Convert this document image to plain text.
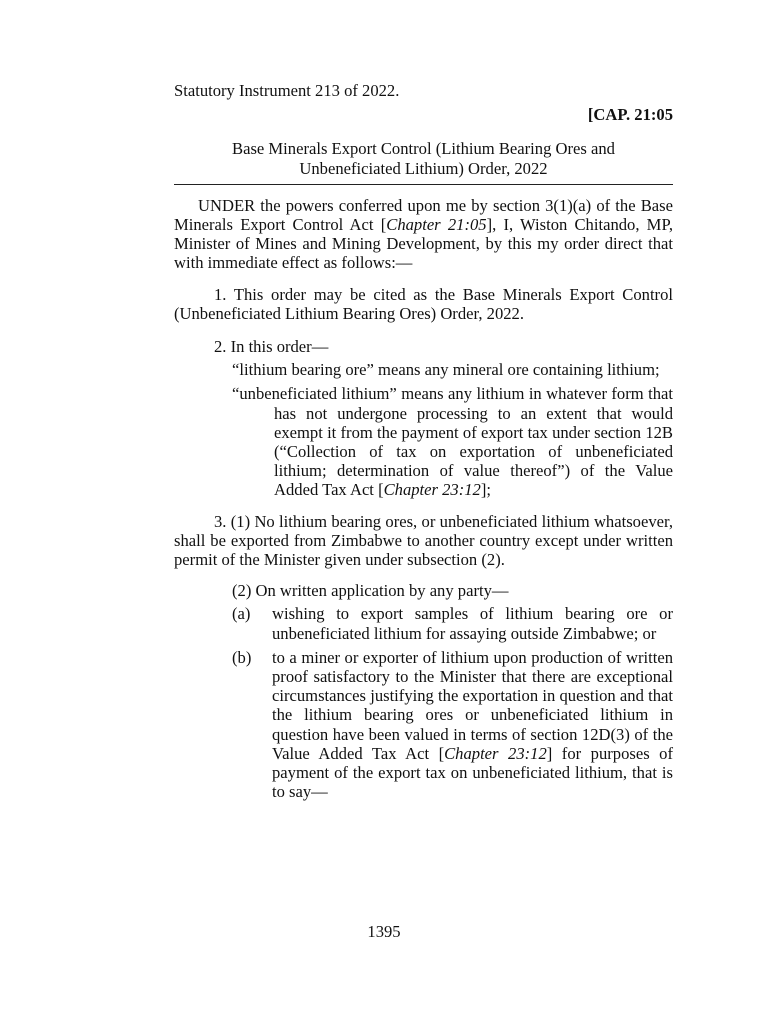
Statutory Instrument 213 of 2022.
[CAP. 21:05
Base Minerals Export Control (Lithium Bearing Ores and
Unbeneficiated Lithium) Order, 2022

UNDER the powers conferred upon me by section 3(1)(a) of the Base Minerals Export Control Act [Chapter 21:05], I, Wiston Chitando, MP, Minister of Mines and Mining Development, by this my order direct that with immediate effect as follows:—

1. This order may be cited as the Base Minerals Export Control (Unbeneficiated Lithium Bearing Ores) Order, 2022.

2. In this order—
“lithium bearing ore” means any mineral ore containing lithium;
“unbeneficiated lithium” means any lithium in whatever form that has not undergone processing to an extent that would exempt it from the payment of export tax under section 12B (“Collection of tax on exportation of unbeneficiated lithium; determination of value thereof”) of the Value Added Tax Act [Chapter 23:12];

3. (1) No lithium bearing ores, or unbeneficiated lithium whatsoever, shall be exported from Zimbabwe to another country except under written permit of the Minister given under subsection (2).

(2) On written application by any party—
(a)	wishing to export samples of lithium bearing ore or unbeneficiated lithium for assaying outside Zimbabwe; or
(b)	to a miner or exporter of lithium upon production of written proof satisfactory to the Minister that there are exceptional circumstances justifying the exportation in question and that the lithium bearing ores or unbeneficiated lithium in question have been valued in terms of section 12D(3) of the Value Added Tax Act [Chapter 23:12] for purposes of payment of the export tax on unbeneficiated lithium, that is to say—
1395
